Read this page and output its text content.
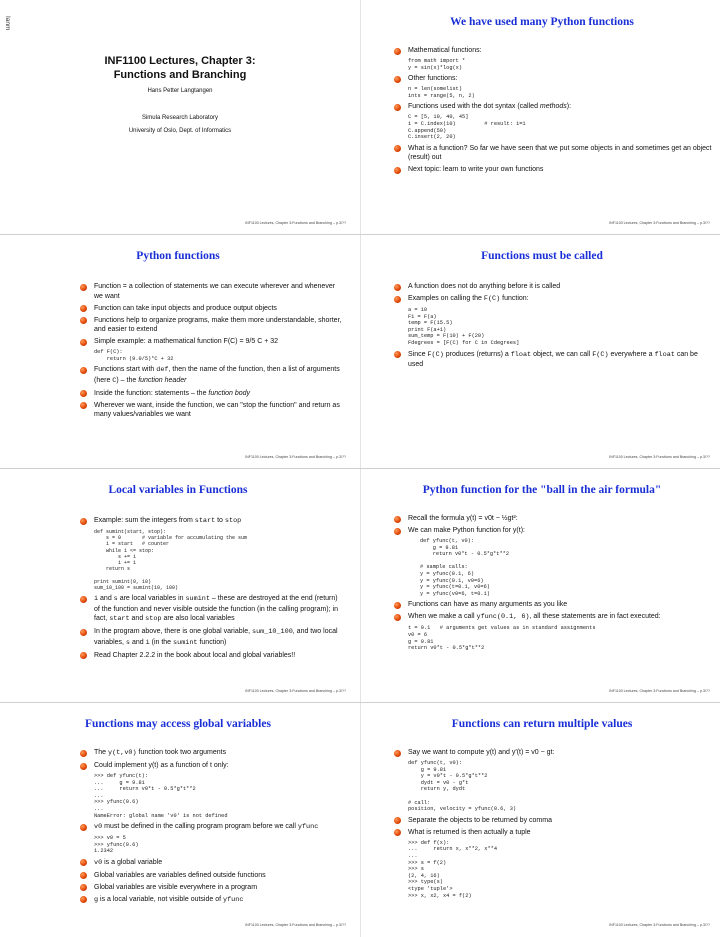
Ianm
INF1100 Lectures, Chapter 3:
Functions and Branching
Hans Petter Langtangen
Simula Research Laboratory
University of Oslo, Dept. of Informatics
INF1100 Lectures, Chapter 3:Functions and Branching – p.3/??
We have used many Python functions
Mathematical functions:
from math import *
y = sin(x)*log(x)
Other functions:
n = len(somelist)
ints = range(5, n, 2)
Functions used with the dot syntax (called methods):
C = [5, 10, 40, 45]
i = C.index(10)         # result: i=1
C.append(50)
C.insert(2, 20)
What is a function? So far we have seen that we put some objects in and sometimes get an object (result) out
Next topic: learn to write your own functions
INF1100 Lectures, Chapter 3:Functions and Branching – p.3/??
Python functions
Function = a collection of statements we can execute wherever and whenever we want
Function can take input objects and produce output objects
Functions help to organize programs, make them more understandable, shorter, and easier to extend
Simple example: a mathematical function F(C) = 9/5 C + 32
def F(C):
return (9.0/5)*C + 32
Functions start with def, then the name of the function, then a list of arguments (here C) – the function header
Inside the function: statements – the function body
Wherever we want, inside the function, we can "stop the function" and return as many values/variables we want
INF1100 Lectures, Chapter 3:Functions and Branching – p.3/??
Functions must be called
A function does not do anything before it is called
Examples on calling the F(C) function:
a = 10
F1 = F(a)
temp = F(15.5)
print F(a+1)
sum_temp = F(10) + F(20)
Fdegrees = [F(C) for C in Cdegrees]
Since F(C) produces (returns) a float object, we can call F(C) everywhere a float can be used
INF1100 Lectures, Chapter 3:Functions and Branching – p.3/??
Local variables in Functions
Example: sum the integers from start to stop
def sumint(start, stop):
s = 0       # variable for accumulating the sum
i = start   # counter
while i <= stop:
s += i
i += 1
return s

print sumint(0, 10)
sum_10_100 = sumint(10, 100)
i and s are local variables in sumint – these are destroyed at the end (return) of the function and never visible outside the function (in the calling program); in fact, start and stop are also local variables
In the program above, there is one global variable, sum_10_100, and two local variables, s and i (in the sumint function)
Read Chapter 2.2.2 in the book about local and global variables!!
INF1100 Lectures, Chapter 3:Functions and Branching – p.3/??
Python function for the "ball in the air formula"
Recall the formula y(t) = v0t − ½gt²:
We can make Python function for y(t):
def yfunc(t, v0):
g = 9.81
return v0*t - 0.5*g*t**2

# sample calls:
y = yfunc(0.1, 6)
y = yfunc(0.1, v0=6)
y = yfunc(t=0.1, v0=6)
y = yfunc(v0=6, t=0.1)
Functions can have as many arguments as you like
When we make a call yfunc(0.1, 6), all these statements are in fact executed:
t = 0.1   # arguments get values as in standard assignments
v0 = 6
g = 9.81
return v0*t - 0.5*g*t**2
INF1100 Lectures, Chapter 3:Functions and Branching – p.3/??
Functions may access global variables
The y(t,v0) function took two arguments
Could implement y(t) as a function of t only:
>>> def yfunc(t):
...     g = 9.81
...     return v0*t - 0.5*g*t**2
...
>>> yfunc(0.6)
...
NameError: global name 'v0' is not defined
v0 must be defined in the calling program program before we call yfunc
>>> v0 = 5
>>> yfunc(0.6)
1.2342
v0 is a global variable
Global variables are variables defined outside functions
Global variables are visible everywhere in a program
g is a local variable, not visible outside of yfunc
INF1100 Lectures, Chapter 3:Functions and Branching – p.3/??
Functions can return multiple values
Say we want to compute y(t) and y′(t) = v0 − gt:
def yfunc(t, v0):
g = 9.81
y = v0*t - 0.5*g*t**2
dydt = v0 - g*t
return y, dydt

# call:
position, velocity = yfunc(0.6, 3)
Separate the objects to be returned by comma
What is returned is then actually a tuple
>>> def f(x):
...     return x, x**2, x**4
...
>>> s = f(2)
>>> s
(2, 4, 16)
>>> type(s)
<type 'tuple'>
>>> x, x2, x4 = f(2)
INF1100 Lectures, Chapter 3:Functions and Branching – p.3/??
